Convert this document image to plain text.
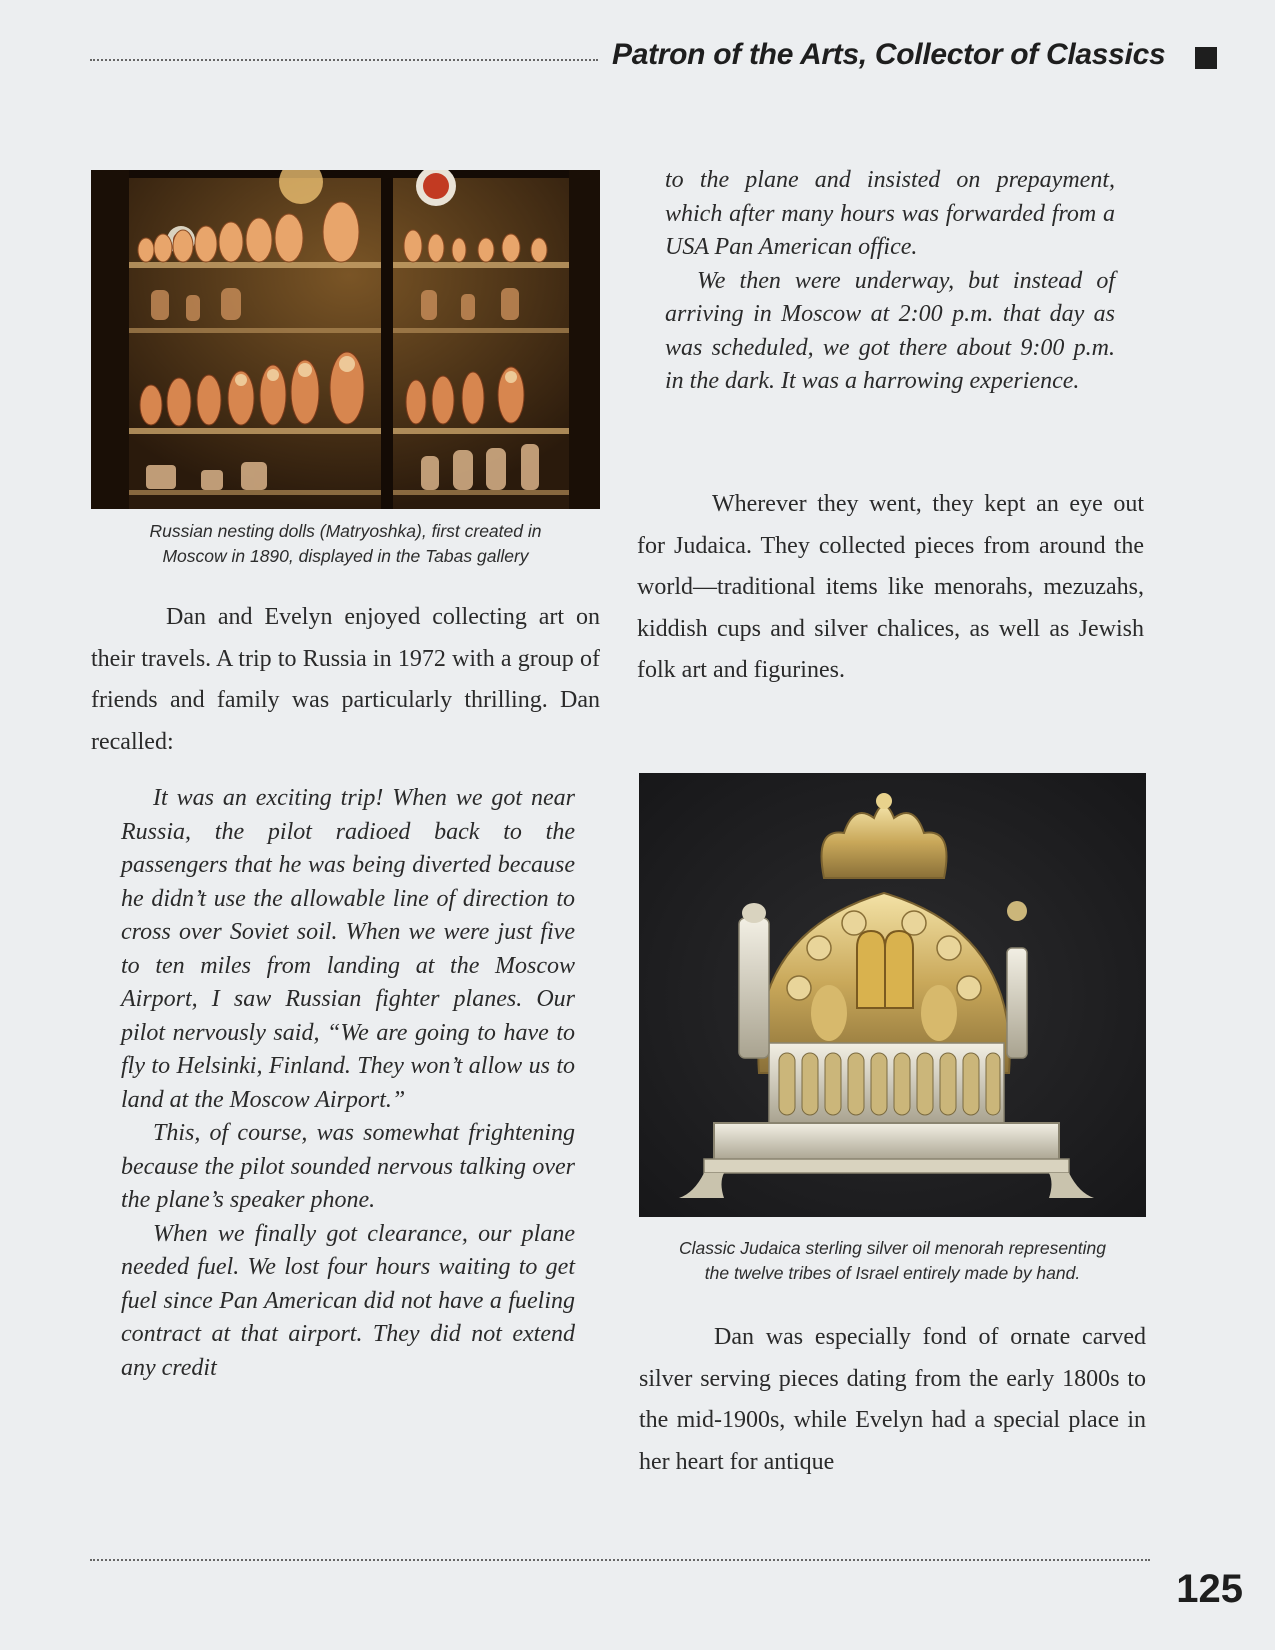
Patron of the Arts, Collector of Classics
Russian nesting dolls (Matryoshka), first created in
Moscow in 1890, displayed in the Tabas gallery

Dan and Evelyn enjoyed collecting art on their travels. A trip to Russia in 1972 with a group of friends and family was particularly thrilling. Dan recalled:

It was an exciting trip! When we got near Russia, the pilot radioed back to the passengers that he was being diverted because he didn’t use the allowable line of direction to cross over Soviet soil. When we were just five to ten miles from landing at the Moscow Airport, I saw Russian fighter planes. Our pilot nervously said, “We are going to have to fly to Helsinki, Finland. They won’t allow us to land at the Moscow Airport.”

This, of course, was somewhat frightening because the pilot sounded nervous talking over the plane’s speaker phone.

When we finally got clearance, our plane needed fuel. We lost four hours waiting to get fuel since Pan American did not have a fueling contract at that airport. They did not extend any credit

to the plane and insisted on prepayment, which after many hours was forwarded from a USA Pan American office.

We then were underway, but instead of arriving in Moscow at 2:00 p.m. that day as was scheduled, we got there about 9:00 p.m. in the dark. It was a harrowing experience.

Wherever they went, they kept an eye out for Judaica. They collected pieces from around the world—traditional items like menorahs, mezuzahs, kiddish cups and silver chalices, as well as Jewish folk art and figurines.

Classic Judaica sterling silver oil menorah representing
the twelve tribes of Israel entirely made by hand.

Dan was especially fond of ornate carved silver serving pieces dating from the early 1800s to the mid-1900s, while Evelyn had a special place in her heart for antique

125
